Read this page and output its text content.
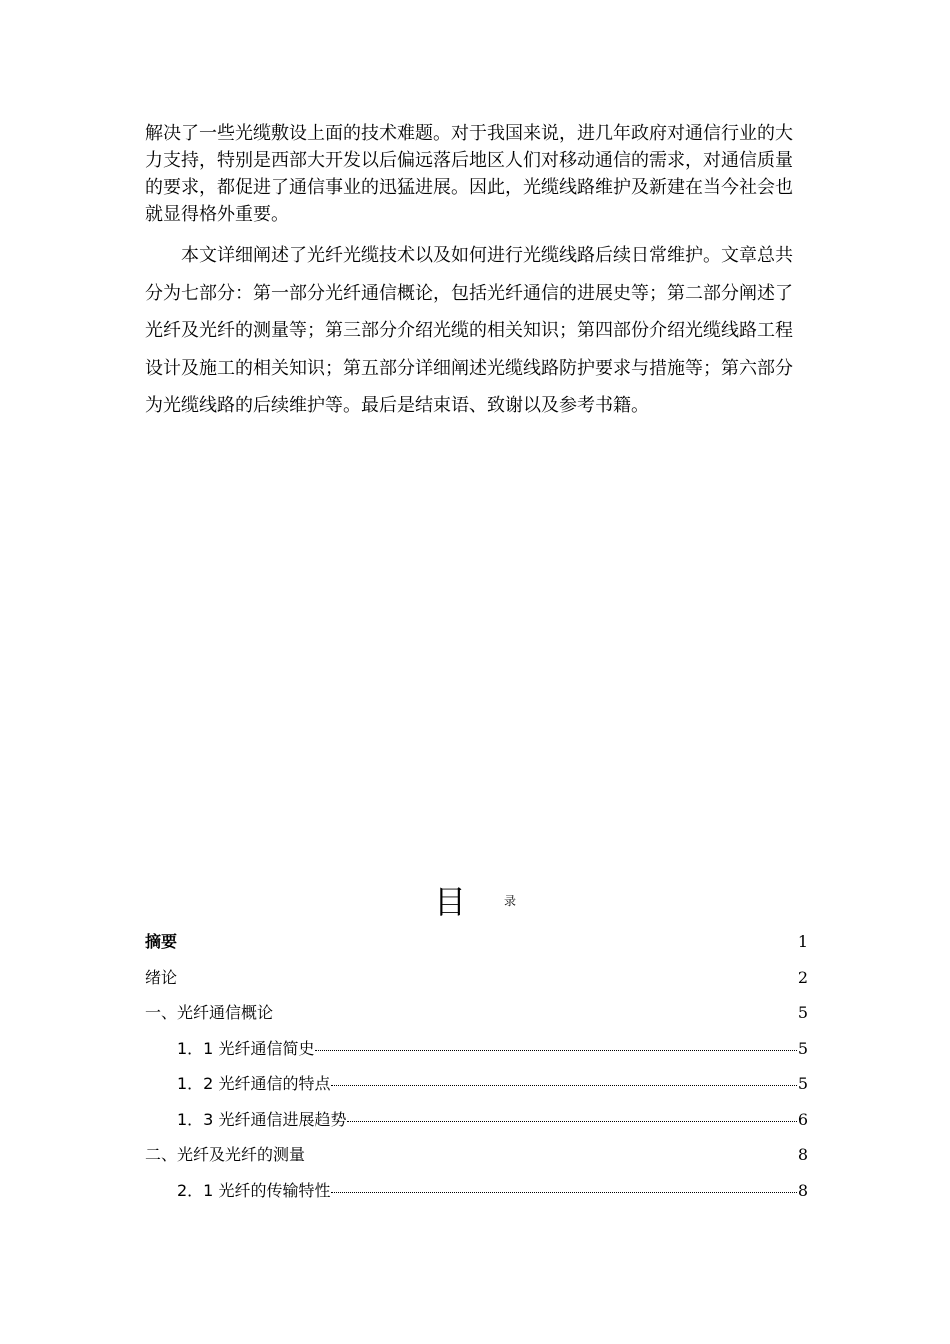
解决了一些光缆敷设上面的技术难题。对于我国来说，进几年政府对通信行业的大力支持，特别是西部大开发以后偏远落后地区人们对移动通信的需求，对通信质量的要求，都促进了通信事业的迅猛进展。因此，光缆线路维护及新建在当今社会也就显得格外重要。

本文详细阐述了光纤光缆技术以及如何进行光缆线路后续日常维护。文章总共分为七部分：第一部分光纤通信概论，包括光纤通信的进展史等；第二部分阐述了光纤及光纤的测量等；第三部分介绍光缆的相关知识；第四部份介绍光缆线路工程设计及施工的相关知识；第五部分详细阐述光缆线路防护要求与措施等；第六部分为光缆线路的后续维护等。最后是结束语、致谢以及参考书籍。

目	录
摘要	1
绪论	2
一、光纤通信概论	5
1．1 光纤通信简史	5
1．2 光纤通信的特点	5
1．3 光纤通信进展趋势	6
二、光纤及光纤的测量	8
2．1 光纤的传输特性	8
